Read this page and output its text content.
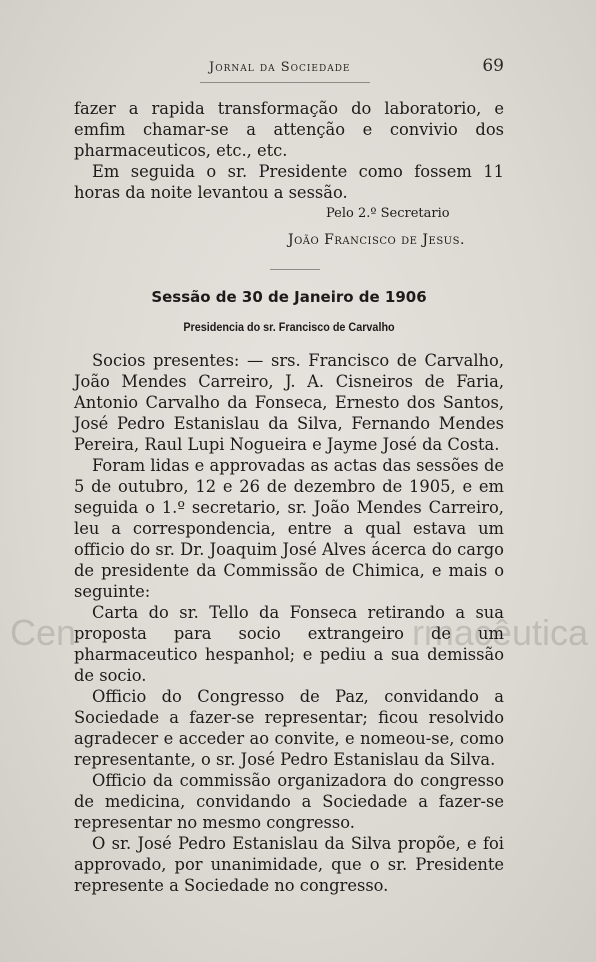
Cen	rmacêutica
Jornal da Sociedade	69

fazer a rapida transformação do laboratorio, e emfim chamar-se a attenção e convivio dos pharmaceuticos, etc., etc.

Em seguida o sr. Presidente como fossem 11 horas da noite levantou a sessão.

Pelo 2.º Secretario
João Francisco de Jesus.
Sessão de 30 de Janeiro de 1906
Presidencia do sr. Francisco de Carvalho

Socios presentes: — srs. Francisco de Carvalho, João Mendes Carreiro, J. A. Cisneiros de Faria, Antonio Carvalho da Fonseca, Ernesto dos Santos, José Pedro Estanislau da Silva, Fernando Mendes Pereira, Raul Lupi Nogueira e Jayme José da Costa.

Foram lidas e approvadas as actas das sessões de 5 de outubro, 12 e 26 de dezembro de 1905, e em seguida o 1.º secretario, sr. João Mendes Carreiro, leu a correspondencia, entre a qual estava um officio do sr. Dr. Joaquim José Alves ácerca do cargo de presidente da Commissão de Chimica, e mais o seguinte:

Carta do sr. Tello da Fonseca retirando a sua proposta para socio extrangeiro de um pharmaceutico hespanhol; e pediu a sua demissão de socio.

Officio do Congresso de Paz, convidando a Sociedade a fazer-se representar; ficou resolvido agradecer e acceder ao convite, e nomeou-se, como representante, o sr. José Pedro Estanislau da Silva.

Officio da commissão organizadora do congresso de medicina, convidando a Sociedade a fazer-se representar no mesmo congresso.

O sr. José Pedro Estanislau da Silva propõe, e foi approvado, por unanimidade, que o sr. Presidente represente a Sociedade no congresso.
